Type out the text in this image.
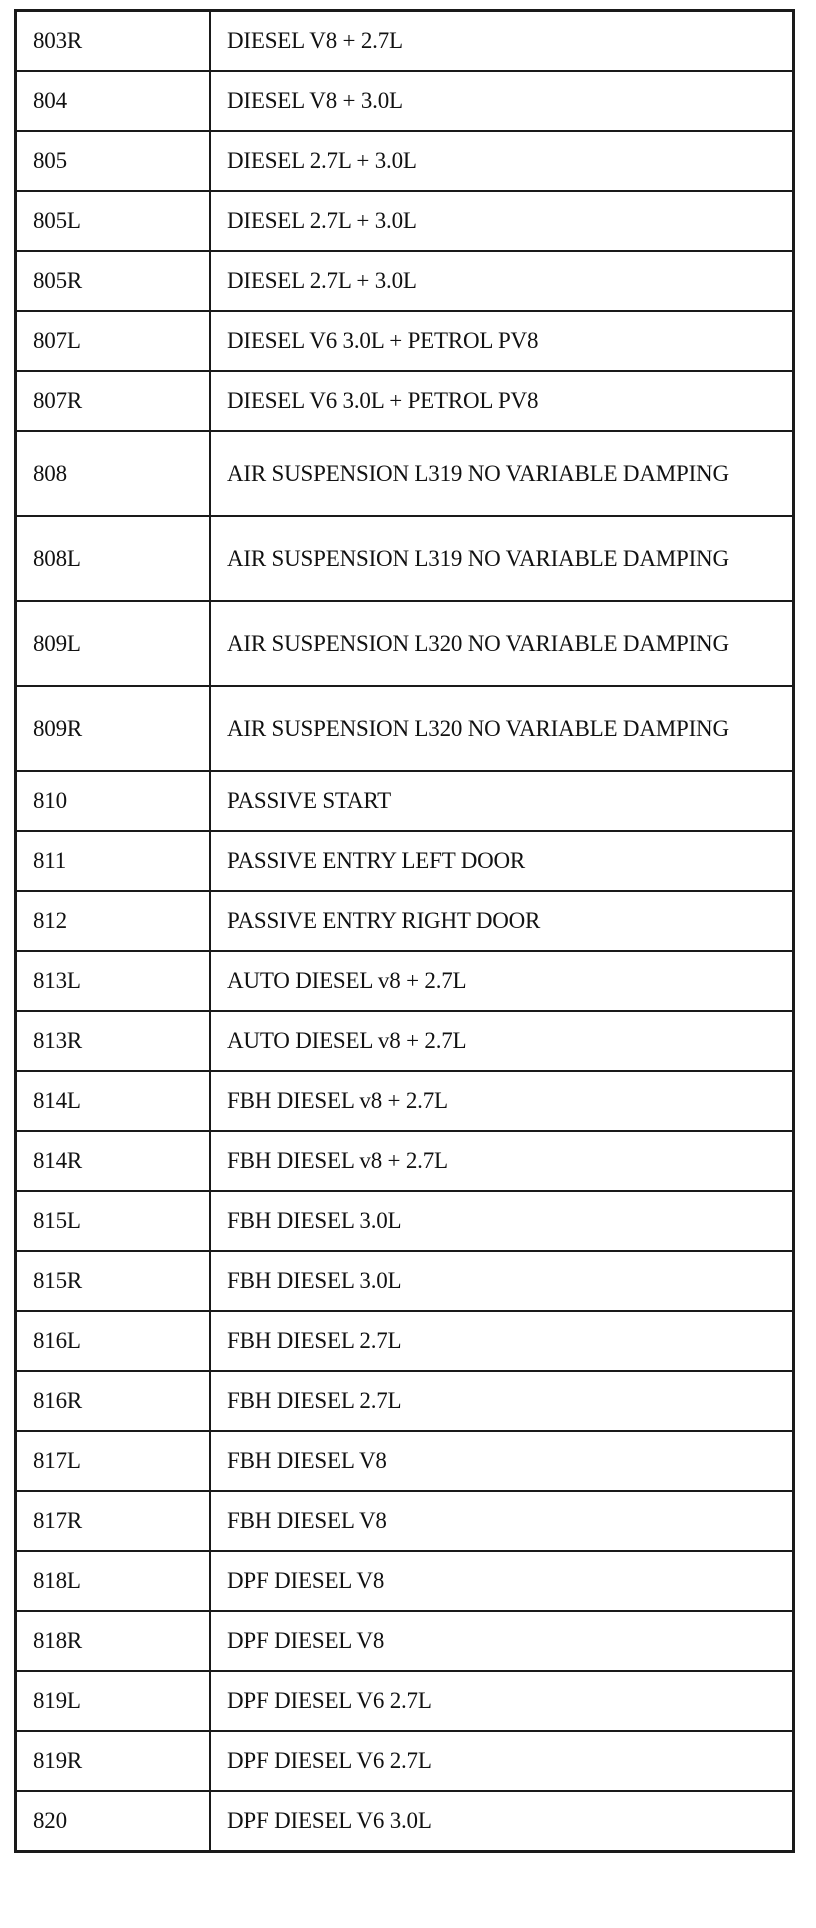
803R	DIESEL V8 + 2.7L
804	DIESEL V8 + 3.0L
805	DIESEL 2.7L + 3.0L
805L	DIESEL 2.7L + 3.0L
805R	DIESEL 2.7L + 3.0L
807L	DIESEL V6 3.0L + PETROL PV8
807R	DIESEL V6 3.0L + PETROL PV8
808	AIR SUSPENSION L319 NO VARIABLE DAMPING
808L	AIR SUSPENSION L319 NO VARIABLE DAMPING
809L	AIR SUSPENSION L320 NO VARIABLE DAMPING
809R	AIR SUSPENSION L320 NO VARIABLE DAMPING
810	PASSIVE START
811	PASSIVE ENTRY LEFT DOOR
812	PASSIVE ENTRY RIGHT DOOR
813L	AUTO DIESEL v8 + 2.7L
813R	AUTO DIESEL v8 + 2.7L
814L	FBH DIESEL v8 + 2.7L
814R	FBH DIESEL v8 + 2.7L
815L	FBH DIESEL 3.0L
815R	FBH DIESEL 3.0L
816L	FBH DIESEL 2.7L
816R	FBH DIESEL 2.7L
817L	FBH DIESEL V8
817R	FBH DIESEL V8
818L	DPF DIESEL V8
818R	DPF DIESEL V8
819L	DPF DIESEL V6 2.7L
819R	DPF DIESEL V6 2.7L
820	DPF DIESEL V6 3.0L
